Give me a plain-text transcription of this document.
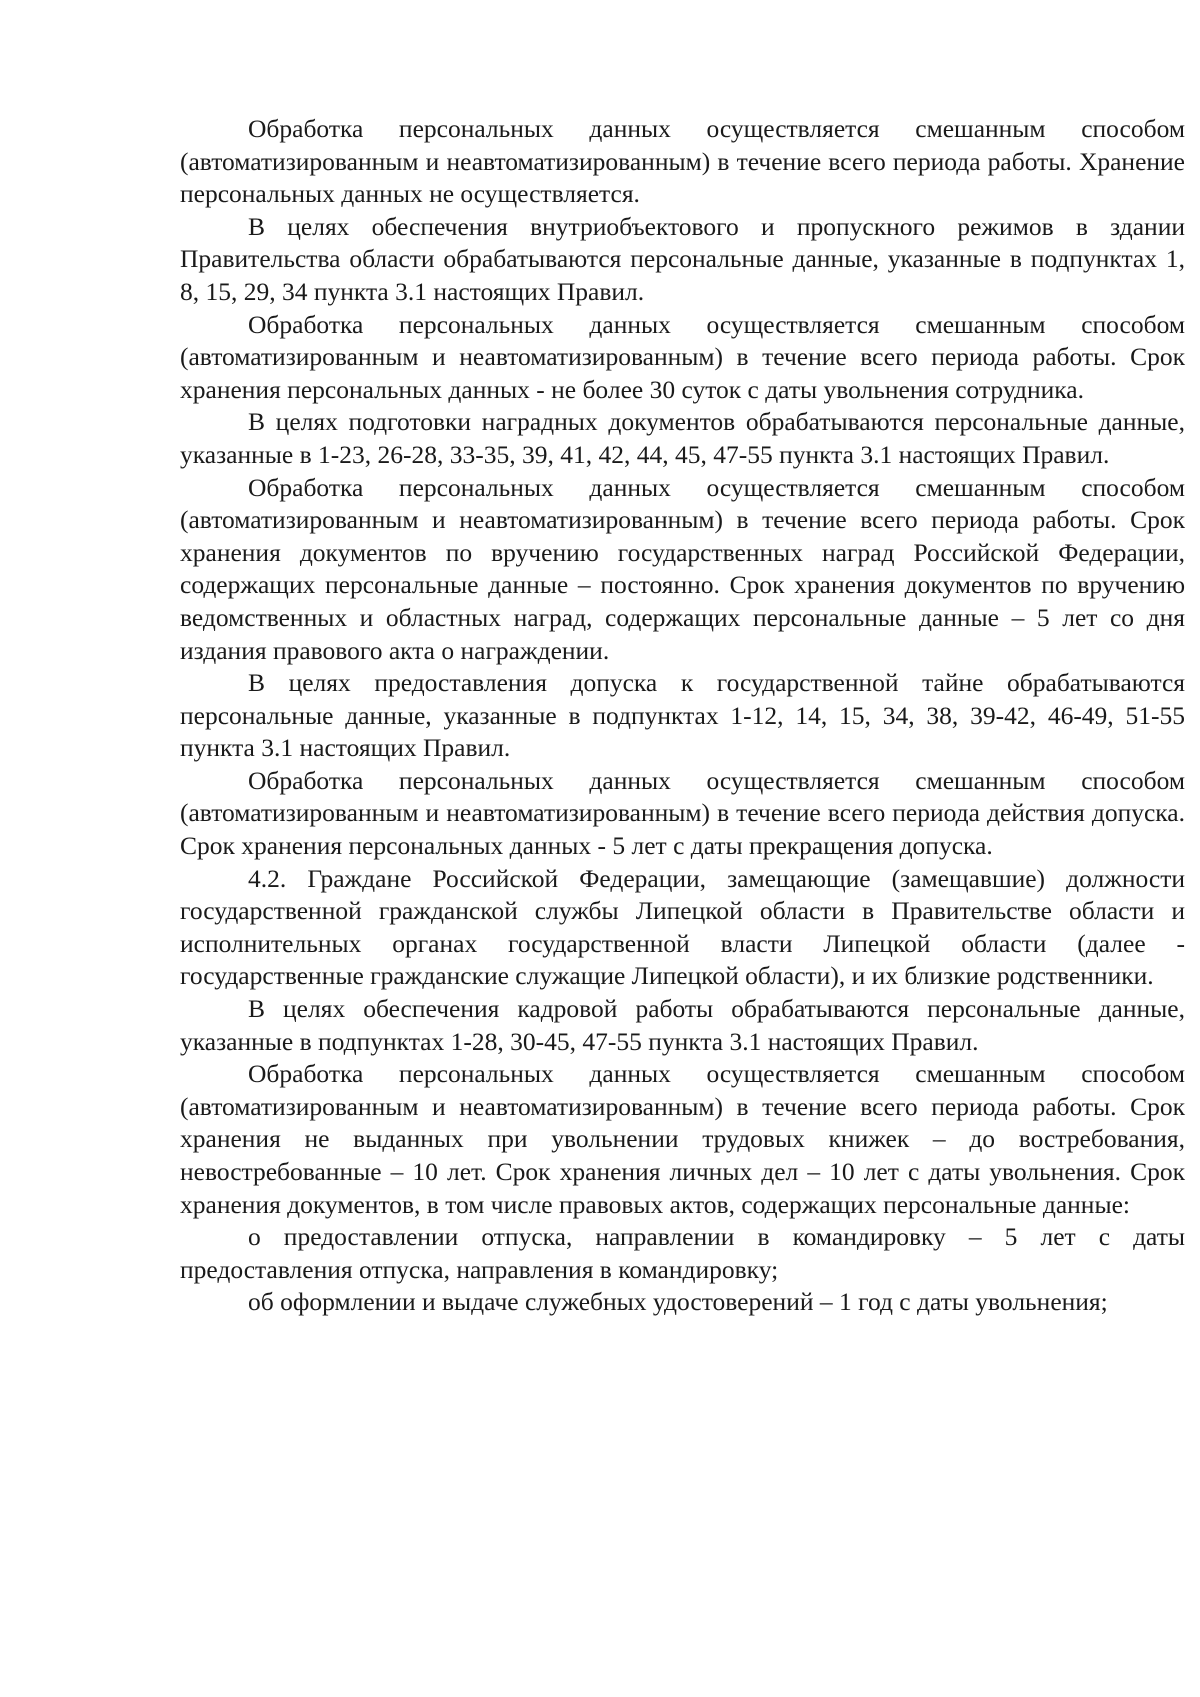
Обработка персональных данных осуществляется смешанным способом (автоматизированным и неавтоматизированным) в течение всего периода работы. Хранение персональных данных не осуществляется.

В целях обеспечения внутриобъектового и пропускного режимов в здании Правительства области обрабатываются персональные данные, указанные в подпунктах 1, 8, 15, 29, 34 пункта 3.1 настоящих Правил.

Обработка персональных данных осуществляется смешанным способом (автоматизированным и неавтоматизированным) в течение всего периода работы. Срок хранения персональных данных - не более 30 суток с даты увольнения сотрудника.

В целях подготовки наградных документов обрабатываются персональные данные, указанные в 1-23, 26-28, 33-35, 39, 41, 42, 44, 45, 47-55 пункта 3.1 настоящих Правил.

Обработка персональных данных осуществляется смешанным способом (автоматизированным и неавтоматизированным) в течение всего периода работы. Срок хранения документов по вручению государственных наград Российской Федерации, содержащих персональные данные – постоянно. Срок хранения документов по вручению ведомственных и областных наград, содержащих персональные данные – 5 лет со дня издания правового акта о награждении.

В целях предоставления допуска к государственной тайне обрабатываются персональные данные, указанные в подпунктах 1-12, 14, 15, 34, 38, 39-42, 46-49, 51-55 пункта 3.1 настоящих Правил.

Обработка персональных данных осуществляется смешанным способом (автоматизированным и неавтоматизированным) в течение всего периода действия допуска. Срок хранения персональных данных - 5 лет с даты прекращения допуска.

4.2. Граждане Российской Федерации, замещающие (замещавшие) должности государственной гражданской службы Липецкой области в Правительстве области и исполнительных органах государственной власти Липецкой области (далее - государственные гражданские служащие Липецкой области), и их близкие родственники.

В целях обеспечения кадровой работы обрабатываются персональные данные, указанные в подпунктах 1-28, 30-45, 47-55 пункта 3.1 настоящих Правил.

Обработка персональных данных осуществляется смешанным способом (автоматизированным и неавтоматизированным) в течение всего периода работы. Срок хранения не выданных при увольнении трудовых книжек – до востребования, невостребованные – 10 лет. Срок хранения личных дел – 10 лет с даты увольнения. Срок хранения документов, в том числе правовых актов, содержащих персональные данные:

о предоставлении отпуска, направлении в командировку – 5 лет с даты предоставления отпуска, направления в командировку;

об оформлении и выдаче служебных удостоверений – 1 год с даты увольнения;
